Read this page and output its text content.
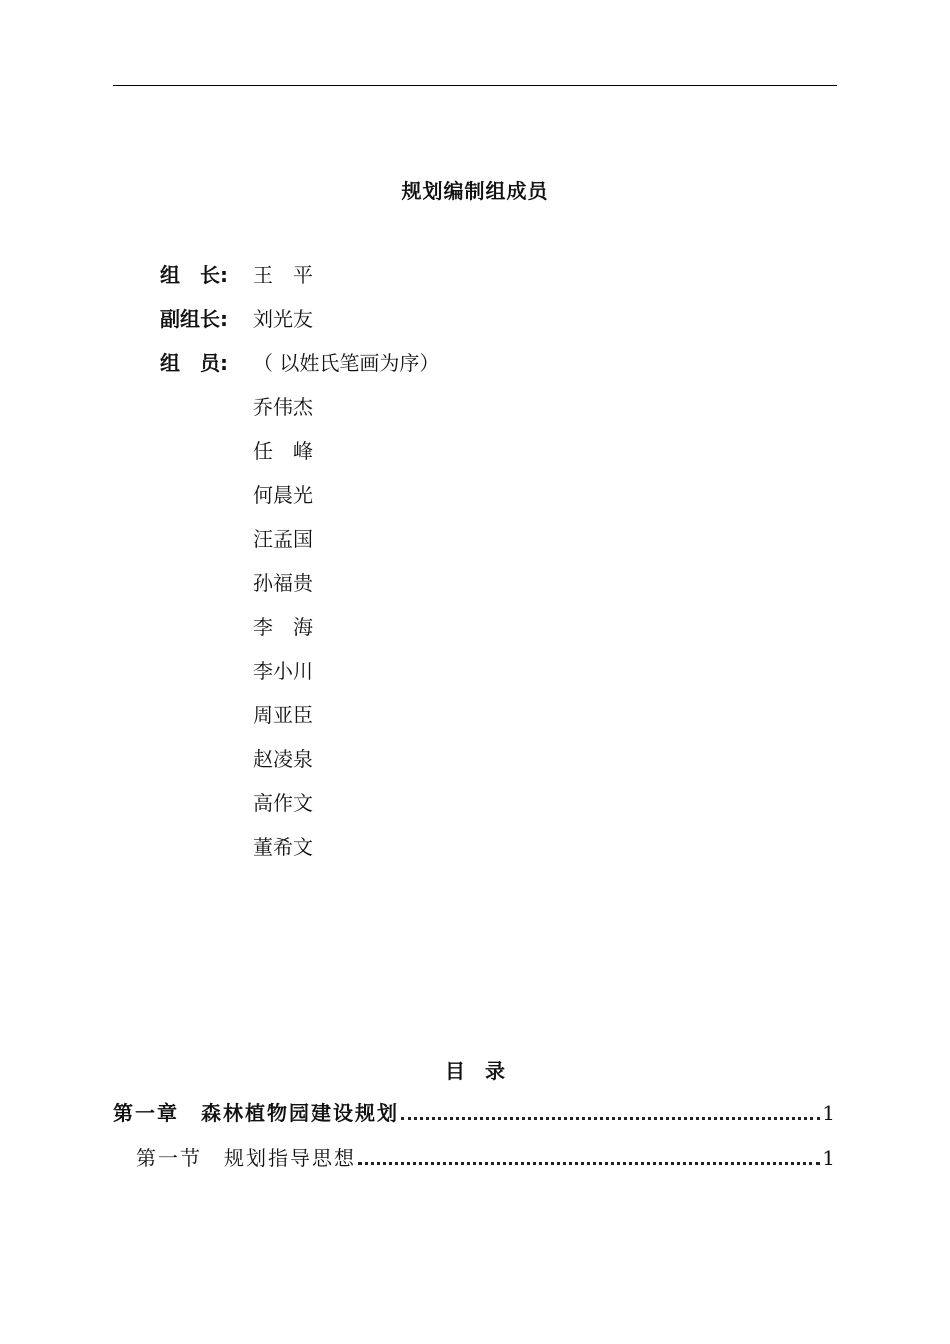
规划编制组成员
组　长: 王　平
副组长: 刘光友
组　员: （ 以姓氏笔画为序）
乔伟杰
任　峰
何晨光
汪孟国
孙福贵
李　海
李小川
周亚臣
赵凌泉
高作文
董希文
目　录
第一章　森林植物园建设规划	1
第一节　规划指导思想	1
